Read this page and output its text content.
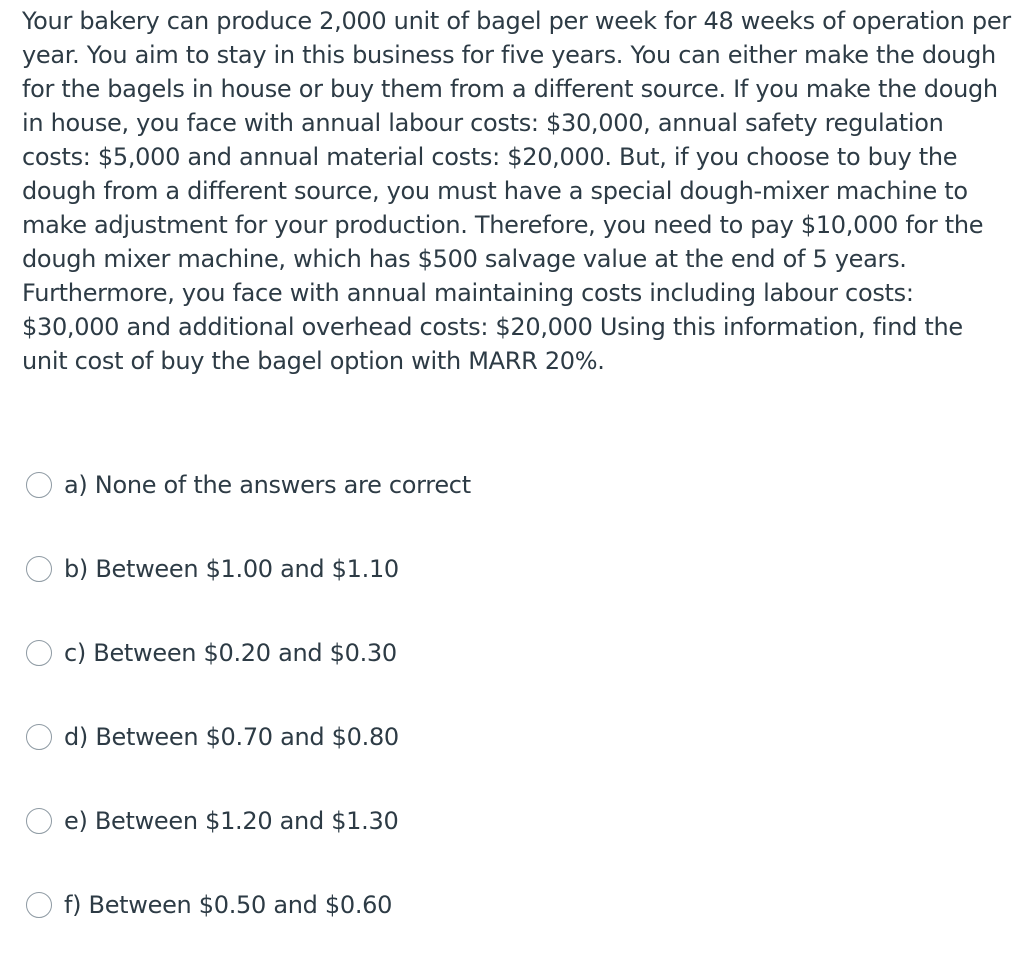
Your bakery can produce 2,000 unit of bagel per week for 48 weeks of operation per year. You aim to stay in this business for five years. You can either make the dough for the bagels in house or buy them from a different source. If you make the dough in house, you face with annual labour costs: $30,000, annual safety regulation costs: $5,000 and annual material costs: $20,000. But, if you choose to buy the dough from a different source, you must have a special dough-mixer machine to make adjustment for your production. Therefore, you need to pay $10,000 for the dough mixer machine, which has $500 salvage value at the end of 5 years. Furthermore, you face with annual maintaining costs including labour costs: $30,000 and additional overhead costs: $20,000 Using this information, find the unit cost of buy the bagel option with MARR 20%.

a) None of the answers are correct
b) Between $1.00 and $1.10
c) Between $0.20 and $0.30
d) Between $0.70 and $0.80
e) Between $1.20 and $1.30
f) Between $0.50 and $0.60
